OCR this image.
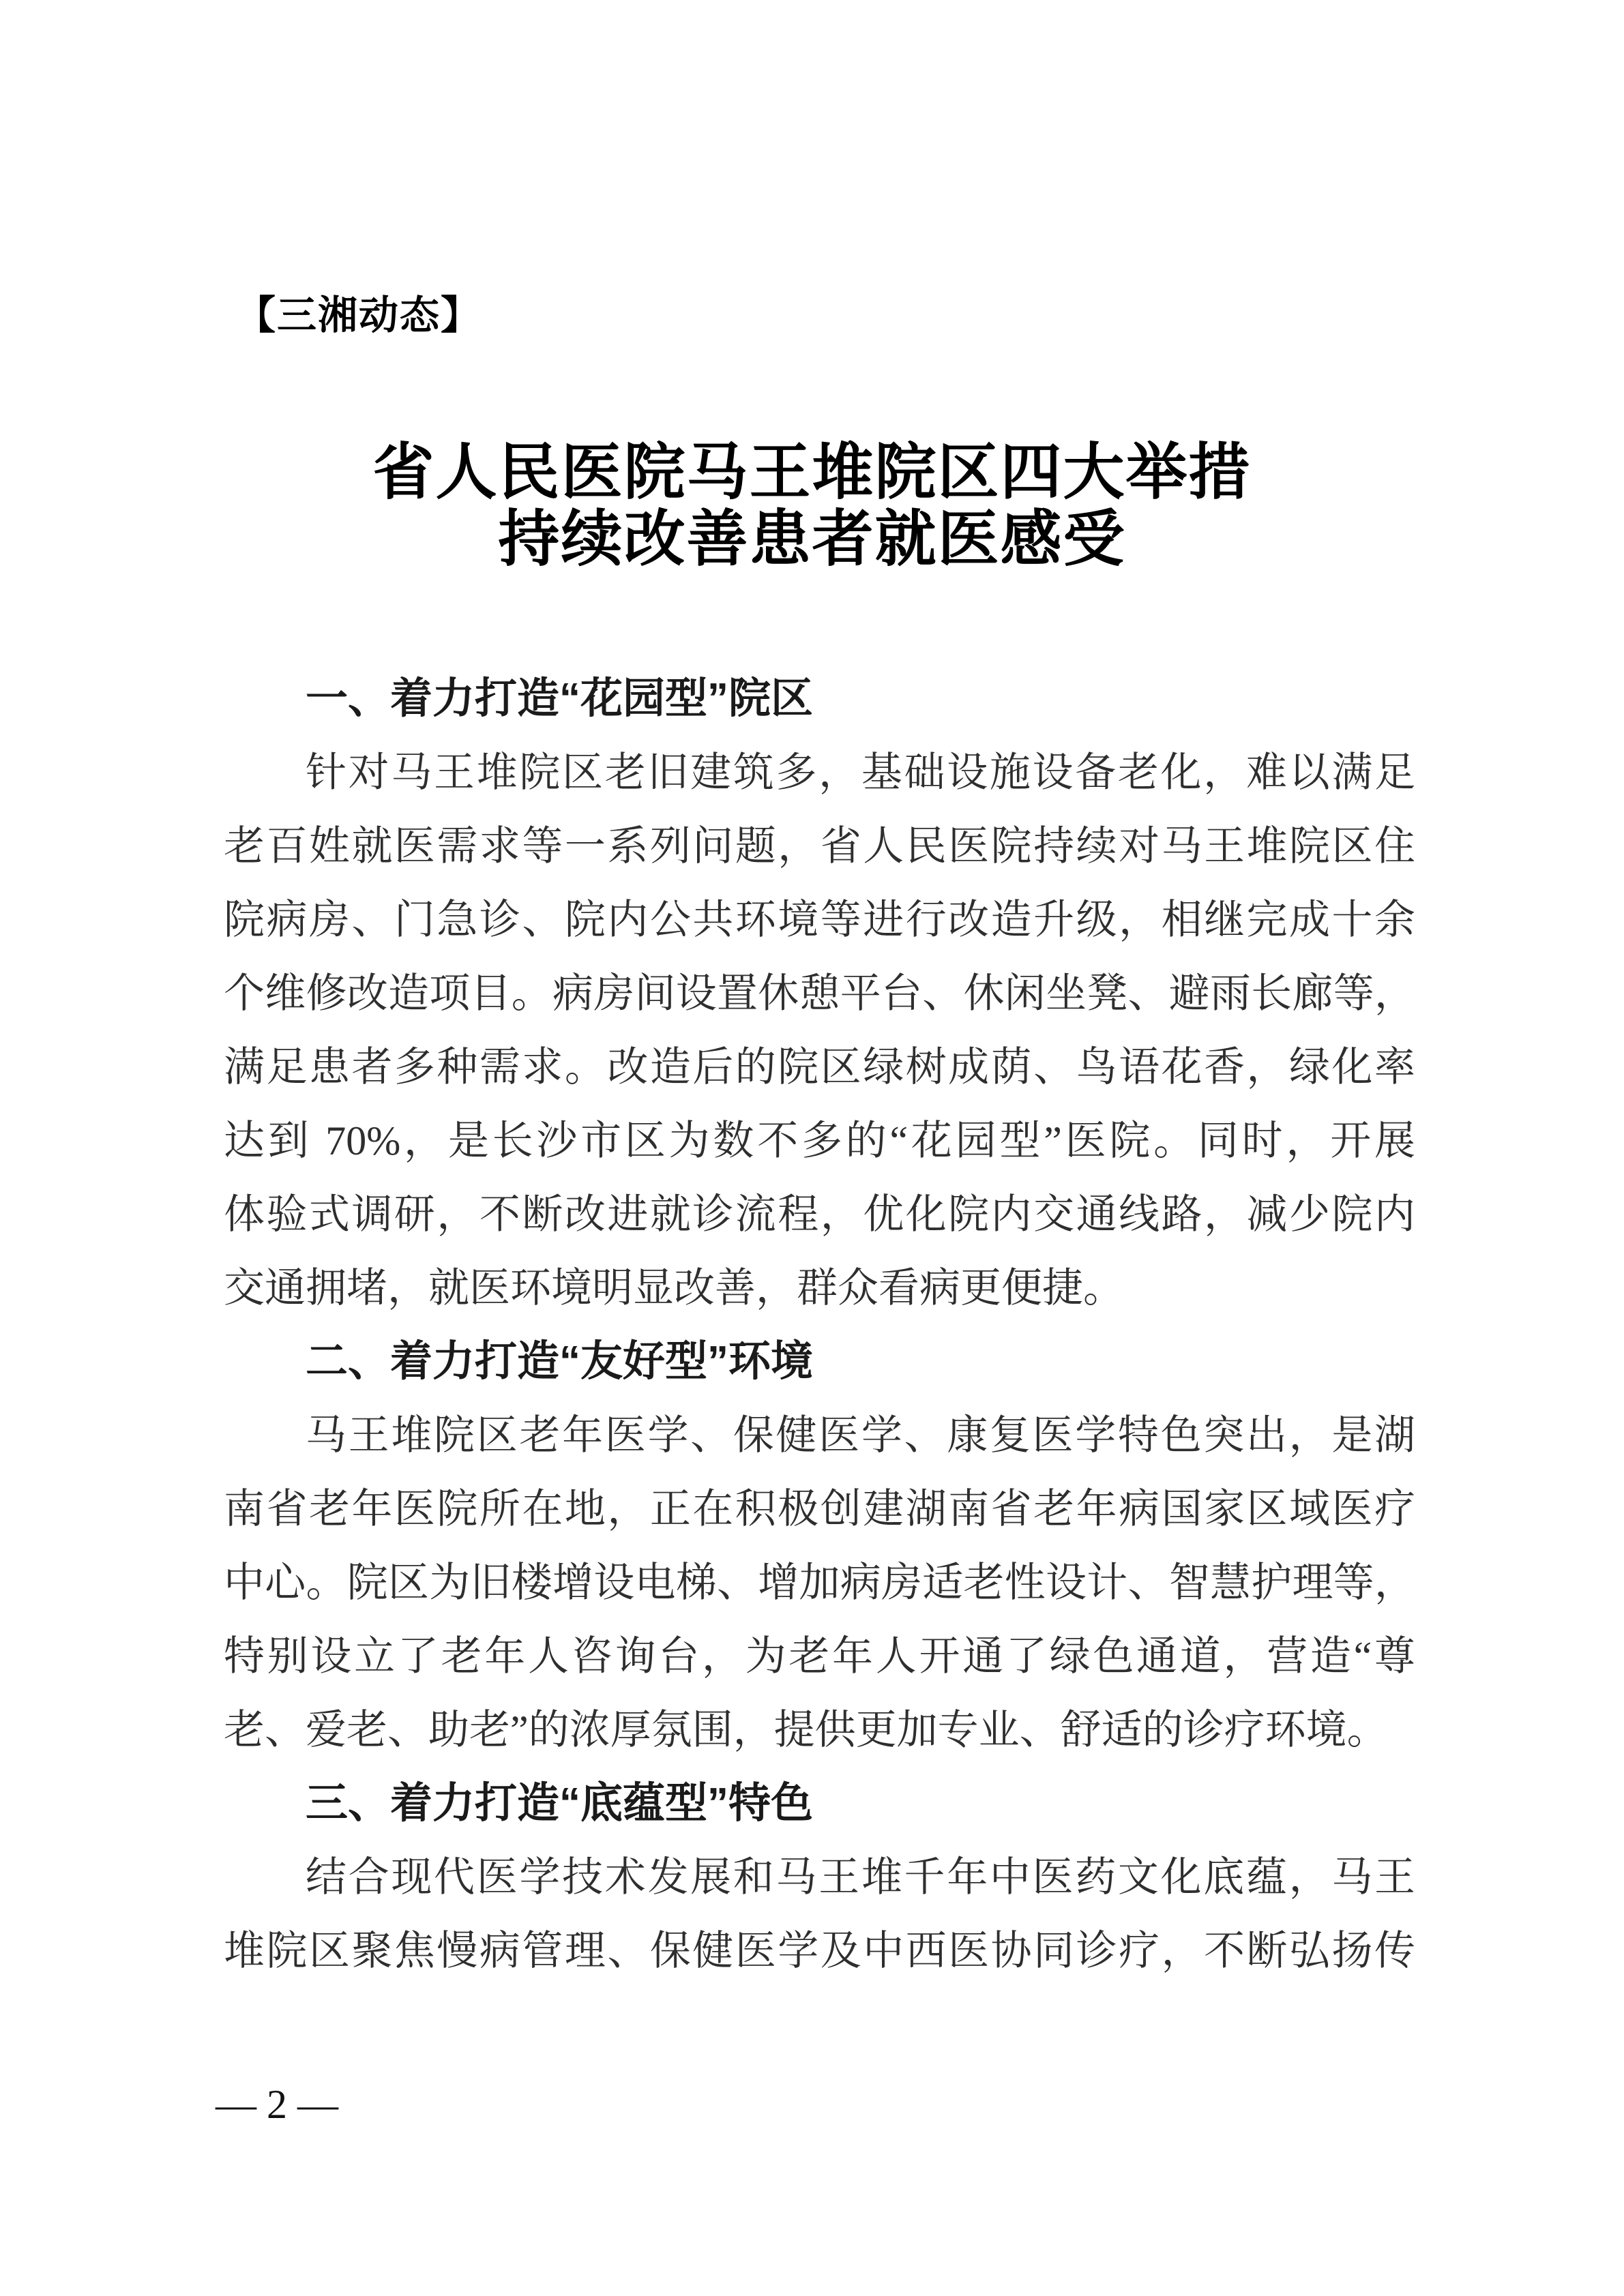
【三湘动态】
省人民医院马王堆院区四大举措
持续改善患者就医感受
一、着力打造“花园型”院区
针对马王堆院区老旧建筑多，基础设施设备老化，难以满足
老百姓就医需求等一系列问题，省人民医院持续对马王堆院区住
院病房、门急诊、院内公共环境等进行改造升级，相继完成十余
个维修改造项目。病房间设置休憩平台、休闲坐凳、避雨长廊等，
满足患者多种需求。改造后的院区绿树成荫、鸟语花香，绿化率
达到 70%，是长沙市区为数不多的“花园型”医院。同时，开展
体验式调研，不断改进就诊流程，优化院内交通线路，减少院内
交通拥堵，就医环境明显改善，群众看病更便捷。
二、着力打造“友好型”环境
马王堆院区老年医学、保健医学、康复医学特色突出，是湖
南省老年医院所在地，正在积极创建湖南省老年病国家区域医疗
中心。院区为旧楼增设电梯、增加病房适老性设计、智慧护理等，
特别设立了老年人咨询台，为老年人开通了绿色通道，营造“尊
老、爱老、助老”的浓厚氛围，提供更加专业、舒适的诊疗环境。
三、着力打造“底蕴型”特色
结合现代医学技术发展和马王堆千年中医药文化底蕴，马王
堆院区聚焦慢病管理、保健医学及中西医协同诊疗，不断弘扬传
— 2 —
